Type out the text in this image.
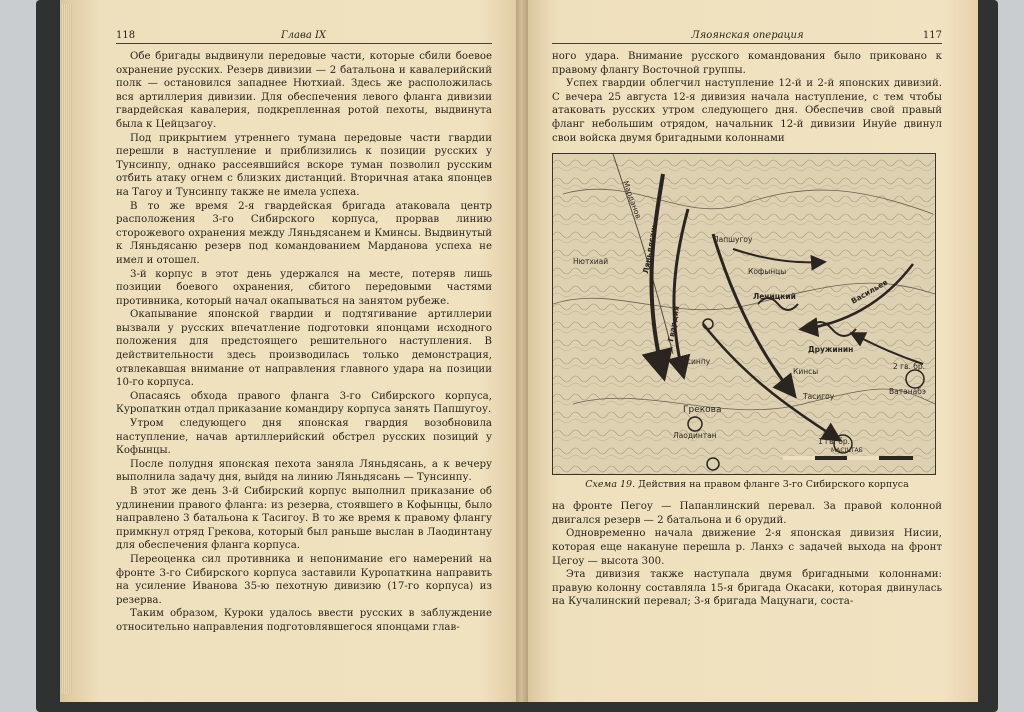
118	Глава IX

Обе бригады выдвинули передовые части, которые сбили боевое охранение русских. Резерв дивизии — 2 батальона и кавалерийский полк — остановился западнее Нютхиай. Здесь же расположилась вся артиллерия дивизии. Для обеспечения левого фланга дивизии гвардейская кавалерия, подкрепленная ротой пехоты, выдвинута была к Цейцзагоу.

Под прикрытием утреннего тумана передовые части гвардии перешли в наступление и приблизились к позиции русских у Тунсинпу, однако рассеявшийся вскоре туман позволил русским отбить атаку огнем с близких дистанций. Вторичная атака японцев на Тагоу и Тунсинпу также не имела успеха.

В то же время 2-я гвардейская бригада атаковала центр расположения 3-го Сибирского корпуса, прорвав линию сторожевого охранения между Ляньдясанем и Кминсы. Выдвинутый к Ляньдясаню резерв под командованием Марданова успеха не имел и отошел.

3-й корпус в этот день удержался на месте, потеряв лишь позиции боевого охранения, сбитого передовыми частями противника, который начал окапываться на занятом рубеже.

Окапывание японской гвардии и подтягивание артиллерии вызвали у русских впечатление подготовки японцами исходного положения для предстоящего решительного наступления. В действительности здесь производилась только демонстрация, отвлекавшая внимание от направления главного удара на позиции 10-го корпуса.

Опасаясь обхода правого фланга 3-го Сибирского корпуса, Куропаткин отдал приказание командиру корпуса занять Папшугоу.

Утром следующего дня японская гвардия возобновила наступление, начав артиллерийский обстрел русских позиций у Кофынцы.

После полудня японская пехота заняла Ляньдясань, а к вечеру выполнила задачу дня, выйдя на линию Ляньдясань — Тунсинпу.

В этот же день 3-й Сибирский корпус выполнил приказание об удлинении правого фланга: из резерва, стоявшего в Кофынцы, было направлено 3 батальона к Тасигоу. В то же время к правому флангу примкнул отряд Грекова, который был раньше выслан в Лаодинтану для обеспечения фланга корпуса.

Переоценка сил противника и непонимание его намерений на фронте 3-го Сибирского корпуса заставили Куропаткина направить на усиление Иванова 35-ю пехотную дивизию (17-го корпуса) из резерва.

Таким образом, Куроки удалось ввести русских в заблуждение относительно направления подготовлявшегося японцами глав-

Ляоянская операция	117

ного удара. Внимание русского командования было приковано к правому флангу Восточной группы.

Успех гвардии облегчил наступление 12-й и 2-й японских дивизий. С вечера 25 августа 12-я дивизия начала наступление, с тем чтобы атаковать русских утром следующего дня. Обеспечив свой правый фланг небольшим отрядом, начальник 12-й дивизии Инуйе двинул свои войска двумя бригадными колоннами

Марданов
Ляньдясань	Кофынцы
Грекова
Лаодинтан
Тасигоу
Папшугоу
Гвардия
2 гв. бр.
1 гв. бр.
Ватанабэ
Лечицкий
Дружинин
Васильев
Тунсинпу
Кинсы
Нютхиай
МАСШТАБ
Схема 19. Действия на правом фланге 3-го Сибирского корпуса

на фронте Пегоу — Папанлинский перевал. За правой колонной двигался резерв — 2 батальона и 6 орудий.

Одновременно начала движение 2-я японская дивизия Нисии, которая еще накануне перешла р. Ланхэ с задачей выхода на фронт Цегоу — высота 300.

Эта дивизия также наступала двумя бригадными колоннами: правую колонну составляла 15-я бригада Окасаки, которая двинулась на Кучалинский перевал; 3-я бригада Мацунаги, соста-
